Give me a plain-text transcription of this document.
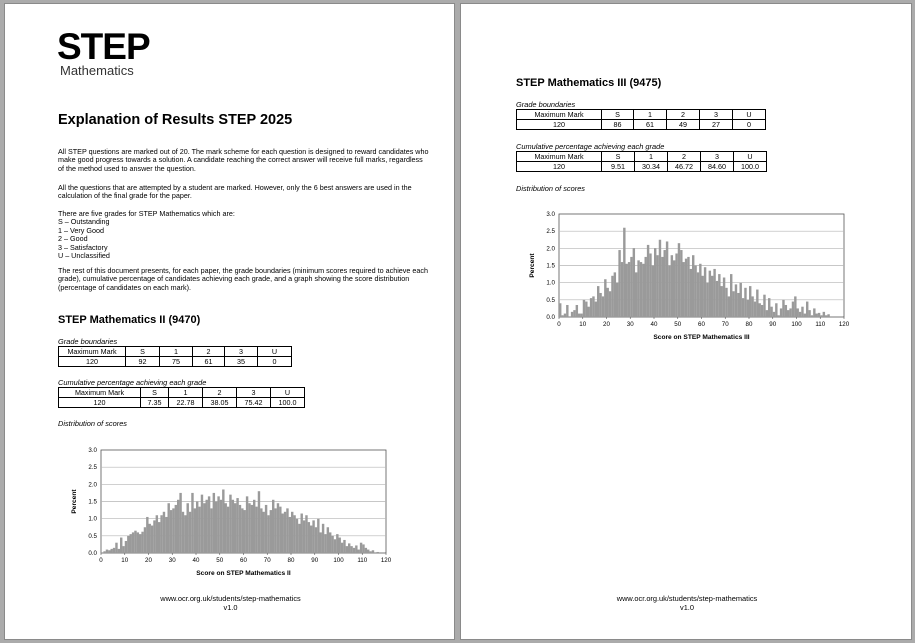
STEP
Mathematics
Explanation of Results STEP 2025
All STEP questions are marked out of 20. The mark scheme for each question is designed to reward candidates who make good progress towards a solution. A candidate reaching the correct answer will receive full marks, regardless of the method used to answer the question.
All the questions that are attempted by a student are marked. However, only the 6 best answers are used in the calculation of the final grade for the paper.
There are five grades for STEP Mathematics which are:
S – Outstanding
1 – Very Good
2 – Good
3 – Satisfactory
U – Unclassified
The rest of this document presents, for each paper, the grade boundaries (minimum scores required to achieve each grade), cumulative percentage of candidates achieving each grade, and a graph showing the score distribution (percentage of candidates on each mark).
STEP Mathematics II (9470)
Grade boundaries
Maximum Mark	S	1	2	3	U
120	92	75	61	35	0
Cumulative percentage achieving each grade
Maximum Mark	S	1	2	3	U
120	7.35	22.78	38.05	75.42	100.0
Distribution of scores
0.0
0.5
1.0
1.5
2.0
2.5
3.0
0	10	20	30	40	50	60	70	80	90 100 110 120
Score on STEP Mathematics II
Percent
www.ocr.org.uk/students/step-mathematics
v1.0
STEP Mathematics III (9475)
Grade boundaries
Maximum Mark	S	1	2	3	U
120	86	61	49	27	0
Cumulative percentage achieving each grade
Maximum Mark	S	1	2	3	U
120	9.51	30.34	46.72	84.60	100.0
Distribution of scores
0.0
0.5
1.0
1.5
2.0
2.5
3.0
0	10	20	30	40	50	60	70	80	90 100 110 120
Score on STEP Mathematics III
Percent
www.ocr.org.uk/students/step-mathematics
v1.0
